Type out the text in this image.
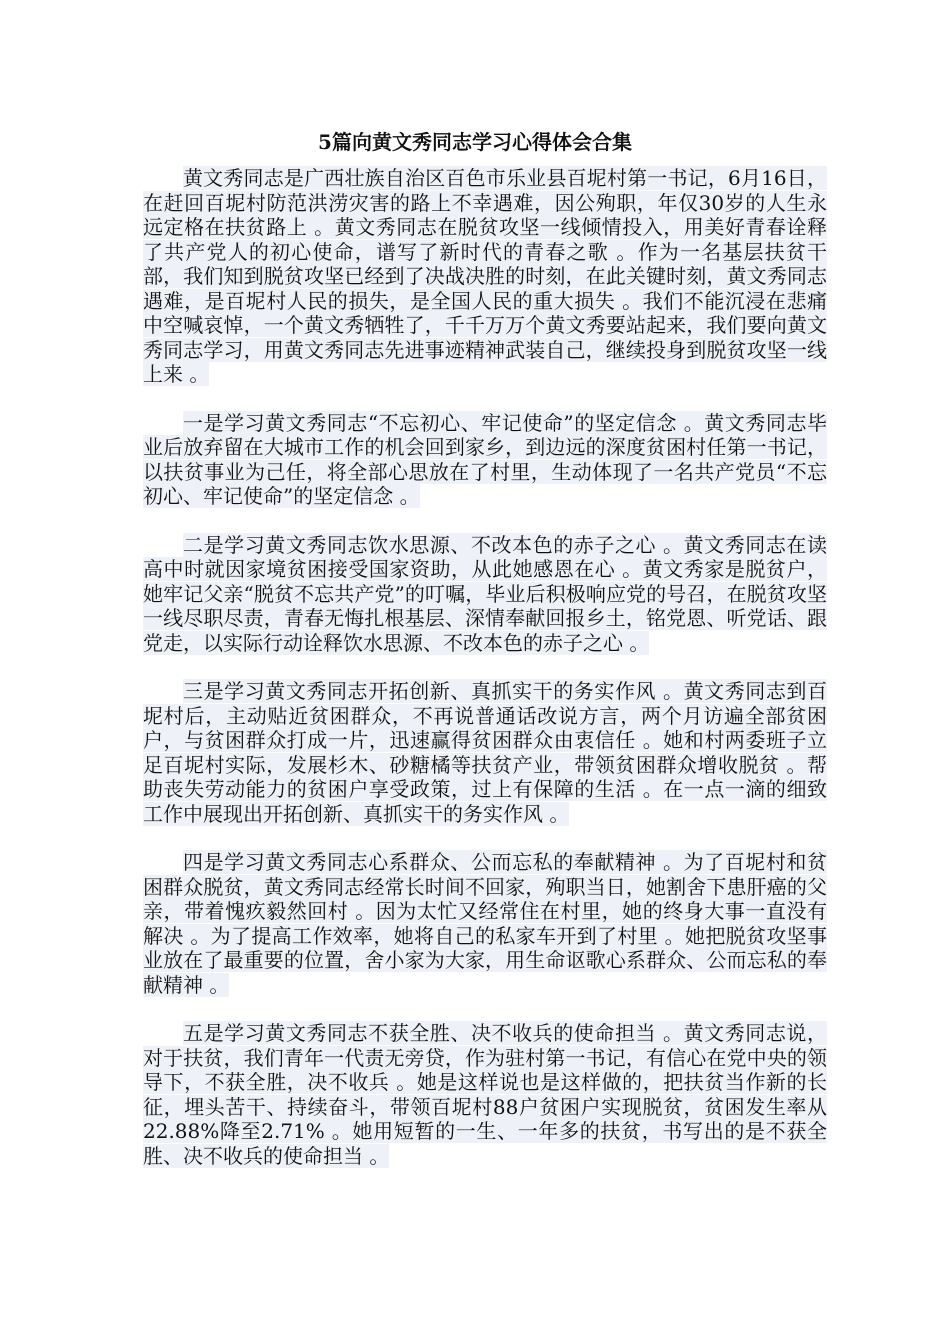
5篇向黄文秀同志学习心得体会合集

黄文秀同志是广西壮族自治区百色市乐业县百坭村第一书记，6月16日，在赶回百坭村防范洪涝灾害的路上不幸遇难，因公殉职，年仅30岁的人生永远定格在扶贫路上 。黄文秀同志在脱贫攻坚一线倾情投入，用美好青春诠释了共产党人的初心使命，谱写了新时代的青春之歌 。作为一名基层扶贫干部，我们知到脱贫攻坚已经到了决战决胜的时刻，在此关键时刻，黄文秀同志遇难，是百坭村人民的损失，是全国人民的重大损失 。我们不能沉浸在悲痛中空喊哀悼，一个黄文秀牺牲了，千千万万个黄文秀要站起来，我们要向黄文秀同志学习，用黄文秀同志先进事迹精神武装自己，继续投身到脱贫攻坚一线上来 。

一是学习黄文秀同志“不忘初心、牢记使命”的坚定信念 。黄文秀同志毕业后放弃留在大城市工作的机会回到家乡，到边远的深度贫困村任第一书记，以扶贫事业为己任，将全部心思放在了村里，生动体现了一名共产党员“不忘初心、牢记使命”的坚定信念 。

二是学习黄文秀同志饮水思源、不改本色的赤子之心 。黄文秀同志在读高中时就因家境贫困接受国家资助，从此她感恩在心 。黄文秀家是脱贫户，她牢记父亲“脱贫不忘共产党”的叮嘱，毕业后积极响应党的号召，在脱贫攻坚一线尽职尽责，青春无悔扎根基层、深情奉献回报乡土，铭党恩、听党话、跟党走，以实际行动诠释饮水思源、不改本色的赤子之心 。

三是学习黄文秀同志开拓创新、真抓实干的务实作风 。黄文秀同志到百坭村后，主动贴近贫困群众，不再说普通话改说方言，两个月访遍全部贫困户，与贫困群众打成一片，迅速赢得贫困群众由衷信任 。她和村两委班子立足百坭村实际，发展杉木、砂糖橘等扶贫产业，带领贫困群众增收脱贫 。帮助丧失劳动能力的贫困户享受政策，过上有保障的生活 。在一点一滴的细致工作中展现出开拓创新、真抓实干的务实作风 。

四是学习黄文秀同志心系群众、公而忘私的奉献精神 。为了百坭村和贫困群众脱贫，黄文秀同志经常长时间不回家，殉职当日，她割舍下患肝癌的父亲，带着愧疚毅然回村 。因为太忙又经常住在村里，她的终身大事一直没有解决 。为了提高工作效率，她将自己的私家车开到了村里 。她把脱贫攻坚事业放在了最重要的位置，舍小家为大家，用生命讴歌心系群众、公而忘私的奉献精神 。

五是学习黄文秀同志不获全胜、决不收兵的使命担当 。黄文秀同志说，对于扶贫，我们青年一代责无旁贷，作为驻村第一书记，有信心在党中央的领导下，不获全胜，决不收兵 。她是这样说也是这样做的，把扶贫当作新的长征，埋头苦干、持续奋斗，带领百坭村88户贫困户实现脱贫，贫困发生率从22.88%降至2.71% 。她用短暂的一生、一年多的扶贫，书写出的是不获全胜、决不收兵的使命担当 。
